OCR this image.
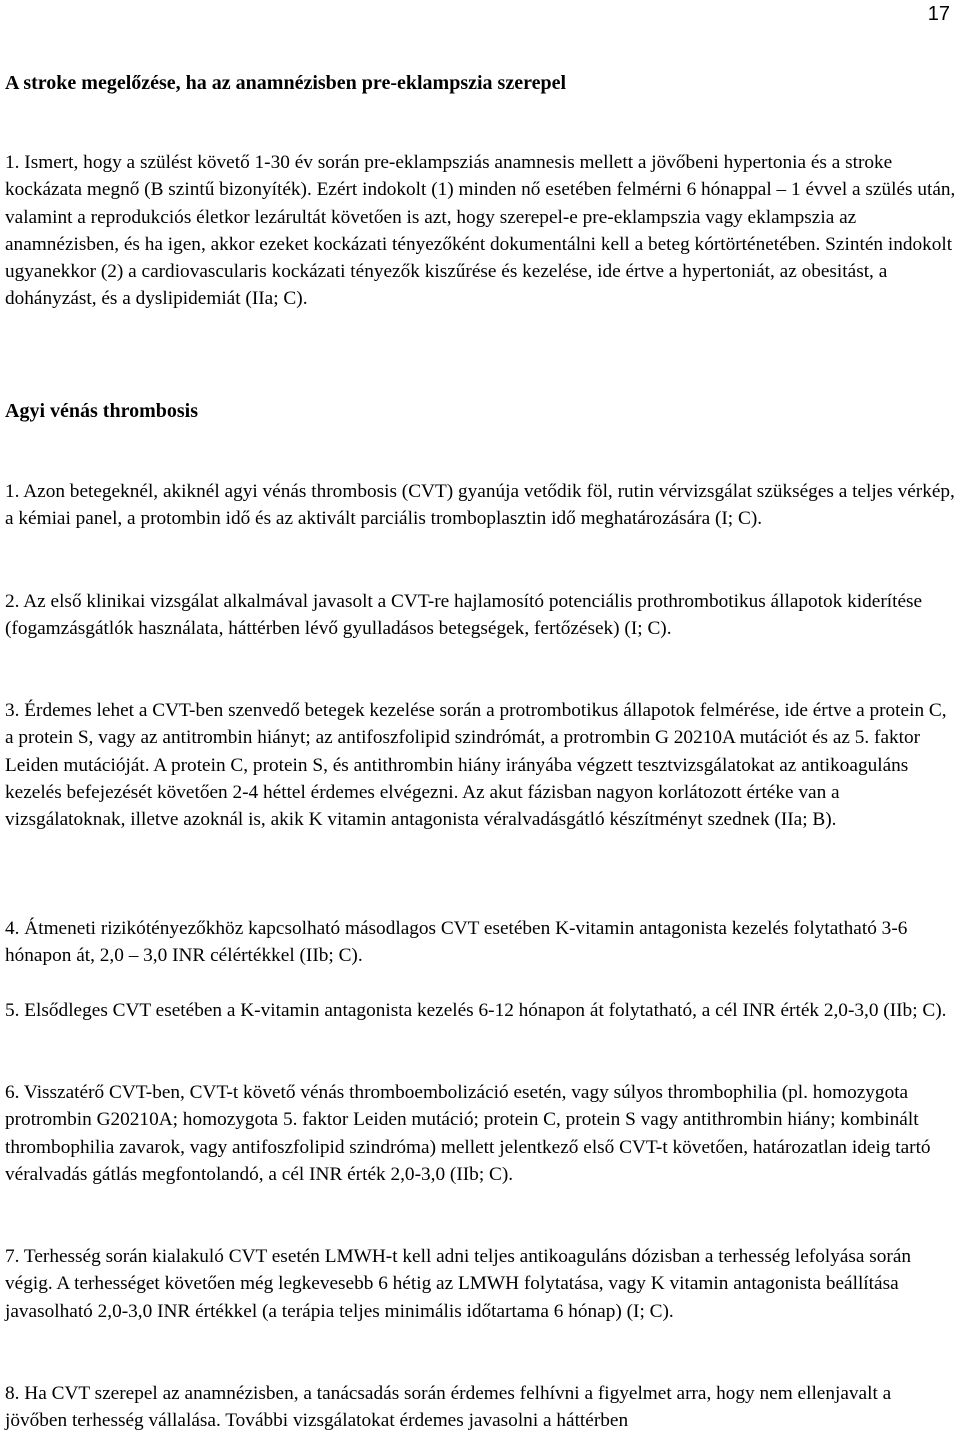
17
A stroke megelőzése, ha az anamnézisben pre-eklampszia szerepel

1. Ismert, hogy a szülést követő 1-30 év során pre-eklampsziás anamnesis mellett a jövőbeni hypertonia és a stroke kockázata megnő (B szintű bizonyíték). Ezért indokolt (1) minden nő esetében felmérni 6 hónappal – 1 évvel a szülés után, valamint a reprodukciós életkor lezárultát követően is azt, hogy szerepel-e pre-eklampszia vagy eklampszia az anamnézisben, és ha igen, akkor ezeket kockázati tényezőként dokumentálni kell a beteg kórtörténetében. Szintén indokolt ugyanekkor (2) a cardiovascularis kockázati tényezők kiszűrése és kezelése, ide értve a hypertoniát, az obesitást, a dohányzást, és a dyslipidemiát (IIa; C).

Agyi vénás thrombosis

1. Azon betegeknél, akiknél agyi vénás thrombosis (CVT) gyanúja vetődik föl, rutin vérvizsgálat szükséges a teljes vérkép, a kémiai panel, a protombin idő és az aktivált parciális tromboplasztin idő meghatározására (I; C).

2. Az első klinikai vizsgálat alkalmával javasolt a CVT-re hajlamosító potenciális prothrombotikus állapotok kiderítése (fogamzásgátlók használata, háttérben lévő gyulladásos betegségek, fertőzések) (I; C).

3. Érdemes lehet a CVT-ben szenvedő betegek kezelése során a protrombotikus állapotok felmérése, ide értve a protein C, a protein S, vagy az antitrombin hiányt; az antifoszfolipid szindrómát, a protrombin G 20210A mutációt és az 5. faktor Leiden mutációját. A protein C, protein S, és antithrombin hiány irányába végzett tesztvizsgálatokat az antikoaguláns kezelés befejezését követően 2-4 héttel érdemes elvégezni. Az akut fázisban nagyon korlátozott értéke van a vizsgálatoknak, illetve azoknál is, akik K vitamin antagonista véralvadásgátló készítményt szednek (IIa; B).

4. Átmeneti rizikótényezőkhöz kapcsolható másodlagos CVT esetében K-vitamin antagonista kezelés folytatható 3-6 hónapon át, 2,0 – 3,0 INR célértékkel (IIb; C).

5. Elsődleges CVT esetében a K-vitamin antagonista kezelés 6-12 hónapon át folytatható, a cél INR érték 2,0-3,0 (IIb; C).

6. Visszatérő CVT-ben, CVT-t követő vénás thromboembolizáció esetén, vagy súlyos thrombophilia (pl. homozygota protrombin G20210A; homozygota 5. faktor Leiden mutáció; protein C, protein S vagy antithrombin hiány; kombinált thrombophilia zavarok, vagy antifoszfolipid szindróma) mellett jelentkező első CVT-t követően, határozatlan ideig tartó véralvadás gátlás megfontolandó, a cél INR érték 2,0-3,0 (IIb; C).

7. Terhesség során kialakuló CVT esetén LMWH-t kell adni teljes antikoaguláns dózisban a terhesség lefolyása során végig. A terhességet követően még legkevesebb 6 hétig az LMWH folytatása, vagy K vitamin antagonista beállítása javasolható 2,0-3,0 INR értékkel (a terápia teljes minimális időtartama 6 hónap) (I; C).

8. Ha CVT szerepel az anamnézisben, a tanácsadás során érdemes felhívni a figyelmet arra, hogy nem ellenjavalt a jövőben terhesség vállalása. További vizsgálatokat érdemes javasolni a háttérben
